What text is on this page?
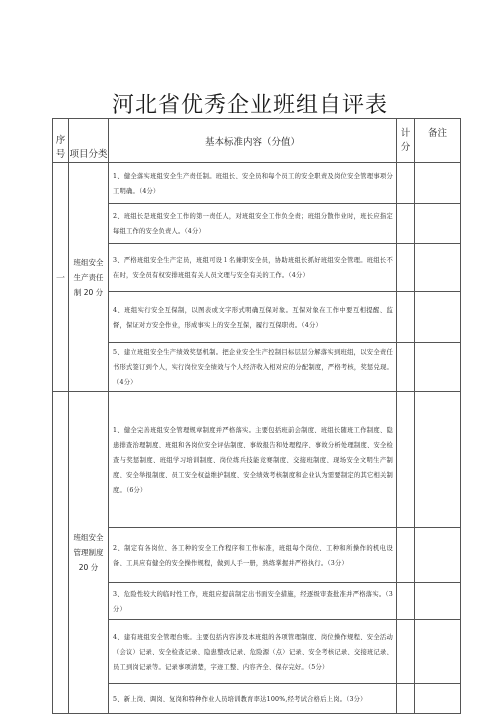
河北省优秀企业班组自评表
序号	项目分类	基本标准内容（分值）	计分	备注
一	班组安全生产责任制 20 分	1、健全落实班组安全生产责任制。班组长、安全员和每个员工的安全职责及岗位安全管理事项分工明确。（4分）		
		2、班组长是班组安全工作的第一责任人，对班组安全工作负全责；班组分散作业时，班长应指定每组工作的安全负责人。（4分）		
		3、严格班组安全生产定员，班组可设１名兼职安全员，协助班组长抓好班组安全管理。班组长不在时，安全员有权安排班组有关人员文理与安全有关的工作。（4分）		
		4、班组实行安全互保制，以图表或文字形式明确互保对象。互保对象在工作中要互相提醒、监督，保证对方安全作业，形成事实上的安全互保，履行互保职责。（4分）		
		5、建立班组安全生产绩效奖惩机制。把企业安全生产控制目标层层分解落实到班组，以安全责任书形式签订到个人，实行岗位安全绩效与个人经济收入相对应的分配制度，严格考核，奖惩兑现。（4分）		
	班组安全管理制度 20 分	1、健全完善班组安全管理规章制度并严格落实。主要包括班前会制度、班组长随班工作制度、隐患排查治理制度、班组和各岗位安全评估制度、事故报告和处理程序、事故分析处理制度、安全检查与奖惩制度、班组学习培训制度、岗位练兵技能竞赛制度、交接班制度、现场安全文明生产制度、安全举报制度、员工安全权益维护制度、安全绩效考核制度和企业认为需要制定的其它相关制度。（6分）		
		2、制定有各岗位、各工种的安全工作程序和工作标准，班组每个岗位、工种和所操作的机电设备、工具应有健全的安全操作规程，做到人手一册，熟练掌握并严格执行。（3分）		
		3、危险性较大的临时性工作，班组应提前制定出书面安全措施，经逐级审查批准并严格落实。（3分）		
		4、建有班组安全管理台账。主要包括内容涉及本班组的各项管理制度、岗位操作规程、安全活动（会议）记录、安全检查记录、隐患整改记录、危险源（点）记录、安全考核记录、交接班记录、员工到岗记录等。记录事项清楚，字迹工整、内容齐全、保存完好。（5分）		
		5、新上岗、调岗、复岗和特种作业人员培训教育率达100%,经考试合格后上岗。（3分）		
